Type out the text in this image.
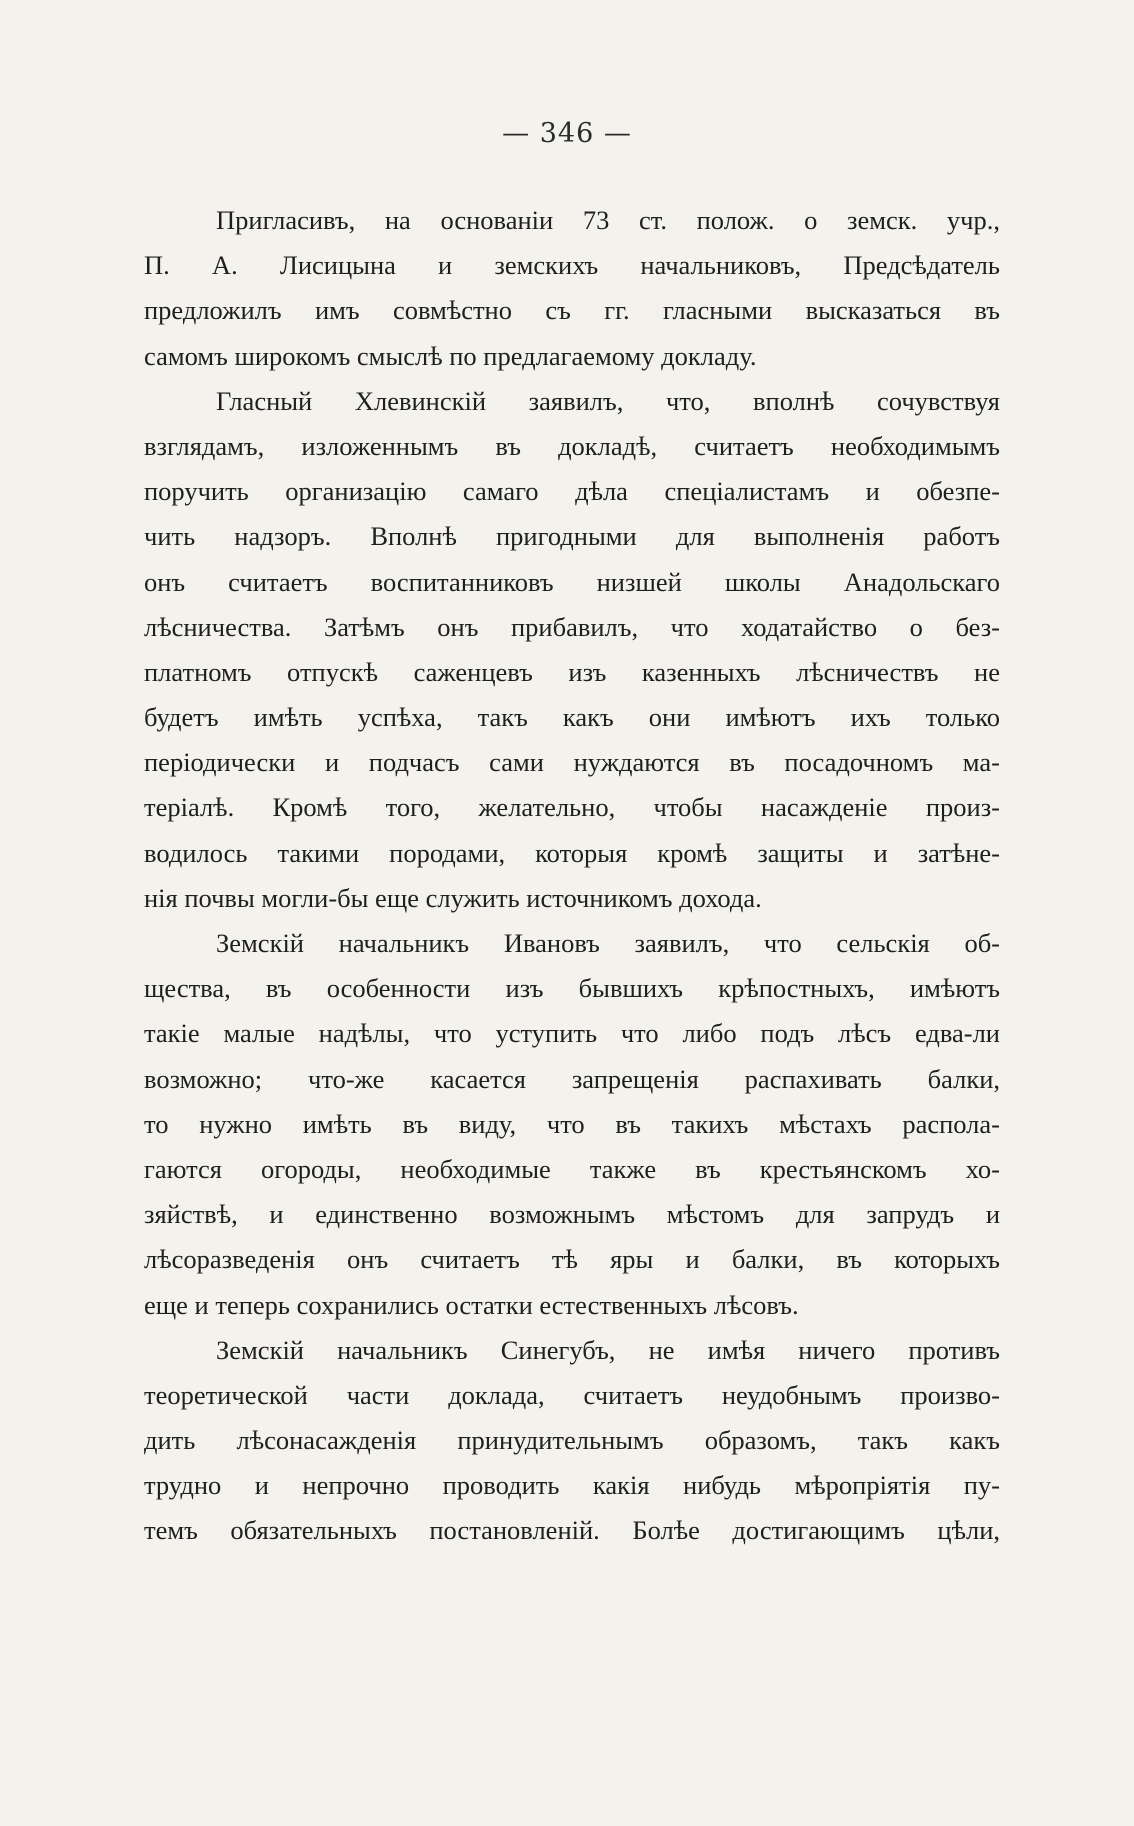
— 346 —
Пригласивъ, на основаніи 73 ст. полож. о земск. учр.,
П. А. Лисицына и земскихъ начальниковъ, Предсѣдатель
предложилъ имъ совмѣстно съ гг. гласными высказаться въ
самомъ широкомъ смыслѣ по предлагаемому докладу.
Гласный Хлевинскій заявилъ, что, вполнѣ сочувствуя
взглядамъ, изложеннымъ въ докладѣ, считаетъ необходимымъ
поручить организацію самаго дѣла спеціалистамъ и обезпе-
чить надзоръ. Вполнѣ пригодными для выполненія работъ
онъ считаетъ воспитанниковъ низшей школы Анадольскаго
лѣсничества. Затѣмъ онъ прибавилъ, что ходатайство о без-
платномъ отпускѣ саженцевъ изъ казенныхъ лѣсничествъ не
будетъ имѣть успѣха, такъ какъ они имѣютъ ихъ только
періодически и подчасъ сами нуждаются въ посадочномъ ма-
теріалѣ. Кромѣ того, желательно, чтобы насажденіе произ-
водилось такими породами, которыя кромѣ защиты и затѣне-
нія почвы могли-бы еще служить источникомъ дохода.
Земскій начальникъ Ивановъ заявилъ, что сельскія об-
щества, въ особенности изъ бывшихъ крѣпостныхъ, имѣютъ
такіе малые надѣлы, что уступить что либо подъ лѣсъ едва-ли
возможно; что-же касается запрещенія распахивать балки,
то нужно имѣть въ виду, что въ такихъ мѣстахъ распола-
гаются огороды, необходимые также въ крестьянскомъ хо-
зяйствѣ, и единственно возможнымъ мѣстомъ для запрудъ и
лѣсоразведенія онъ считаетъ тѣ яры и балки, въ которыхъ
еще и теперь сохранились остатки естественныхъ лѣсовъ.
Земскій начальникъ Синегубъ, не имѣя ничего противъ
теоретической части доклада, считаетъ неудобнымъ произво-
дить лѣсонасажденія принудительнымъ образомъ, такъ какъ
трудно и непрочно проводить какія нибудь мѣропріятія пу-
темъ обязательныхъ постановленій. Болѣе достигающимъ цѣли,
